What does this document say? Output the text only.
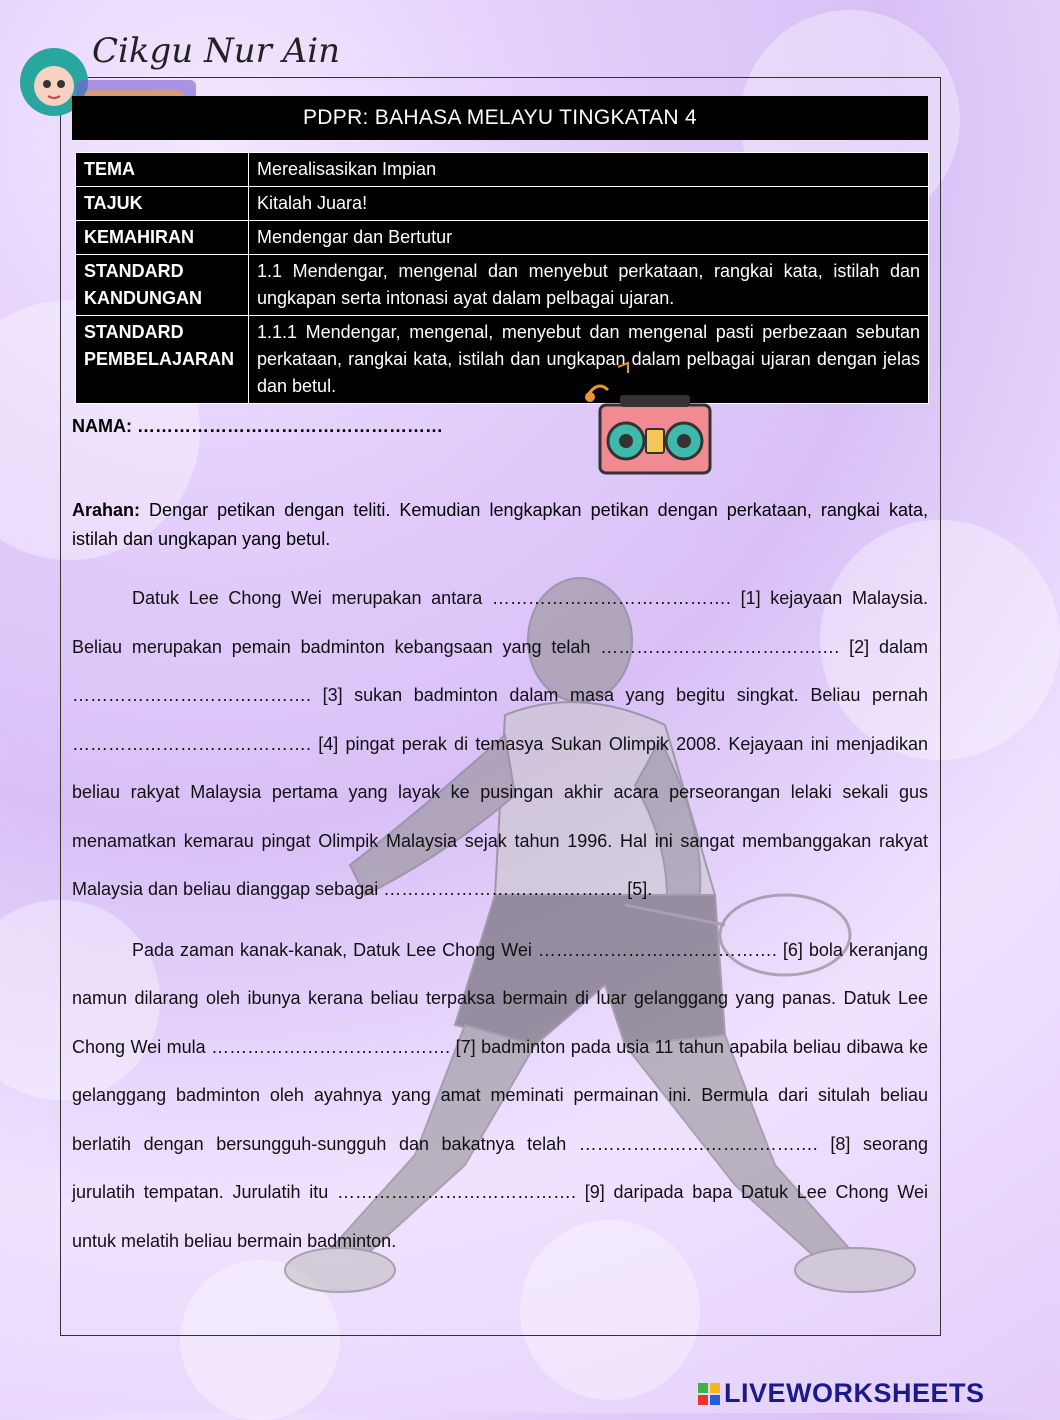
Cikgu Nur Ain
PDPR: BAHASA MELAYU TINGKATAN 4
TEMA	Merealisasikan Impian
TAJUK	Kitalah Juara!
KEMAHIRAN	Mendengar dan Bertutur
STANDARD KANDUNGAN	1.1 Mendengar, mengenal dan menyebut perkataan, rangkai kata, istilah dan ungkapan serta intonasi ayat dalam pelbagai ujaran.
STANDARD PEMBELAJARAN	1.1.1 Mendengar, mengenal, menyebut dan mengenal pasti perbezaan sebutan perkataan, rangkai kata, istilah dan ungkapan dalam pelbagai ujaran dengan jelas dan betul.
NAMA: ……………………………………………
Arahan: Dengar petikan dengan teliti. Kemudian lengkapkan petikan dengan perkataan, rangkai kata, istilah dan ungkapan yang betul.

Datuk Lee Chong Wei merupakan antara …………………………………. [1] kejayaan Malaysia. Beliau merupakan pemain badminton kebangsaan yang telah …………………………………. [2] dalam …………………………………. [3] sukan badminton dalam masa yang begitu singkat. Beliau pernah …………………………………. [4] pingat perak di temasya Sukan Olimpik 2008. Kejayaan ini menjadikan beliau rakyat Malaysia pertama yang layak ke pusingan akhir acara perseorangan lelaki sekali gus menamatkan kemarau pingat Olimpik Malaysia sejak tahun 1996. Hal ini sangat membanggakan rakyat Malaysia dan beliau dianggap sebagai …………………………………. [5].

Pada zaman kanak-kanak, Datuk Lee Chong Wei …………………………………. [6] bola keranjang namun dilarang oleh ibunya kerana beliau terpaksa bermain di luar gelanggang yang panas. Datuk Lee Chong Wei mula …………………………………. [7] badminton pada usia 11 tahun apabila beliau dibawa ke gelanggang badminton oleh ayahnya yang amat meminati permainan ini. Bermula dari situlah beliau berlatih dengan bersungguh-sungguh dan bakatnya telah …………………………………. [8] seorang jurulatih tempatan. Jurulatih itu …………………………………. [9] daripada bapa Datuk Lee Chong Wei untuk melatih beliau bermain badminton.

LIVEWORKSHEETS
